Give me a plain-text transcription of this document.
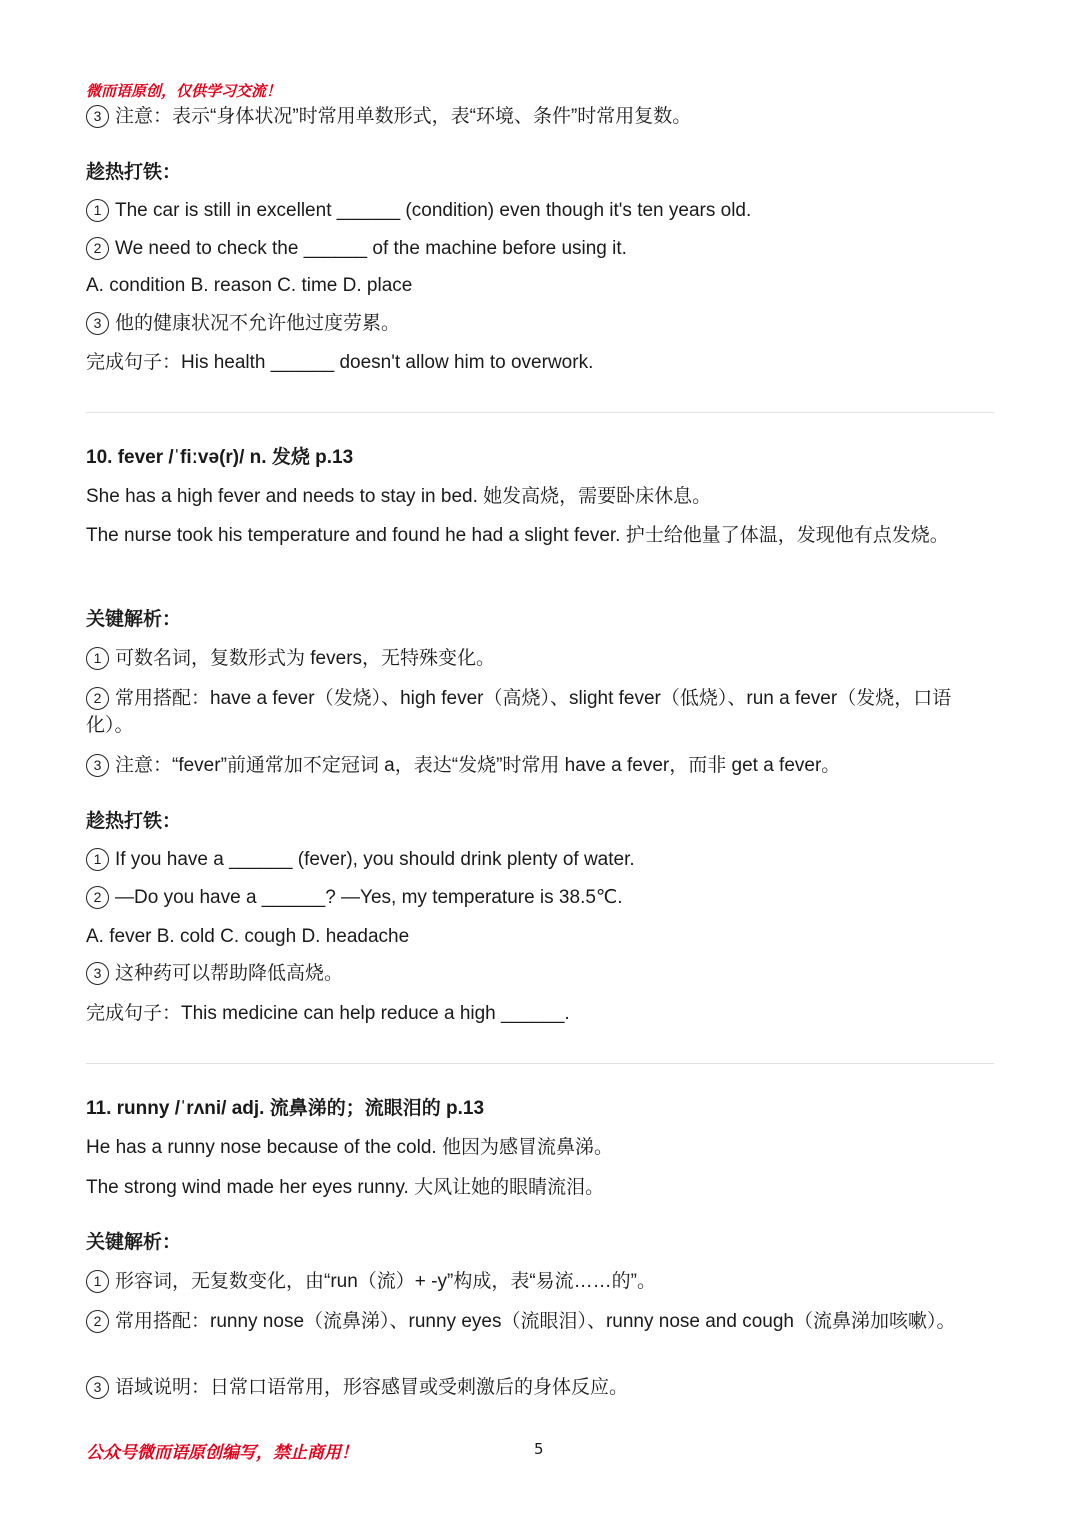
微而语原创，仅供学习交流！
3 注意：表示“身体状况”时常用单数形式，表“环境、条件”时常用复数。
趁热打铁：
1 The car is still in excellent ______ (condition) even though it's ten years old.
2 We need to check the ______ of the machine before using it.
A. condition B. reason C. time D. place
3 他的健康状况不允许他过度劳累。
完成句子：His health ______ doesn't allow him to overwork.
10. fever /ˈfiːvə(r)/ n. 发烧 p.13
She has a high fever and needs to stay in bed. 她发高烧，需要卧床休息。
The nurse took his temperature and found he had a slight fever. 护士给他量了体温，发现他有点发烧。
关键解析：
1 可数名词，复数形式为 fevers，无特殊变化。
2 常用搭配：have a fever（发烧）、high fever（高烧）、slight fever（低烧）、run a fever（发烧，口语化）。
3 注意：“fever”前通常加不定冠词 a，表达“发烧”时常用 have a fever，而非 get a fever。
趁热打铁：
1 If you have a ______ (fever), you should drink plenty of water.
2 —Do you have a ______? —Yes, my temperature is 38.5℃.
A. fever B. cold C. cough D. headache
3 这种药可以帮助降低高烧。
完成句子：This medicine can help reduce a high ______.
11. runny /ˈrʌni/ adj. 流鼻涕的；流眼泪的 p.13
He has a runny nose because of the cold. 他因为感冒流鼻涕。
The strong wind made her eyes runny. 大风让她的眼睛流泪。
关键解析：
1 形容词，无复数变化，由“run（流）+ -y”构成，表“易流……的”。
2 常用搭配：runny nose（流鼻涕）、runny eyes（流眼泪）、runny nose and cough（流鼻涕加咳嗽）。
3 语域说明：日常口语常用，形容感冒或受刺激后的身体反应。
公众号微而语原创编写，禁止商用！	5
